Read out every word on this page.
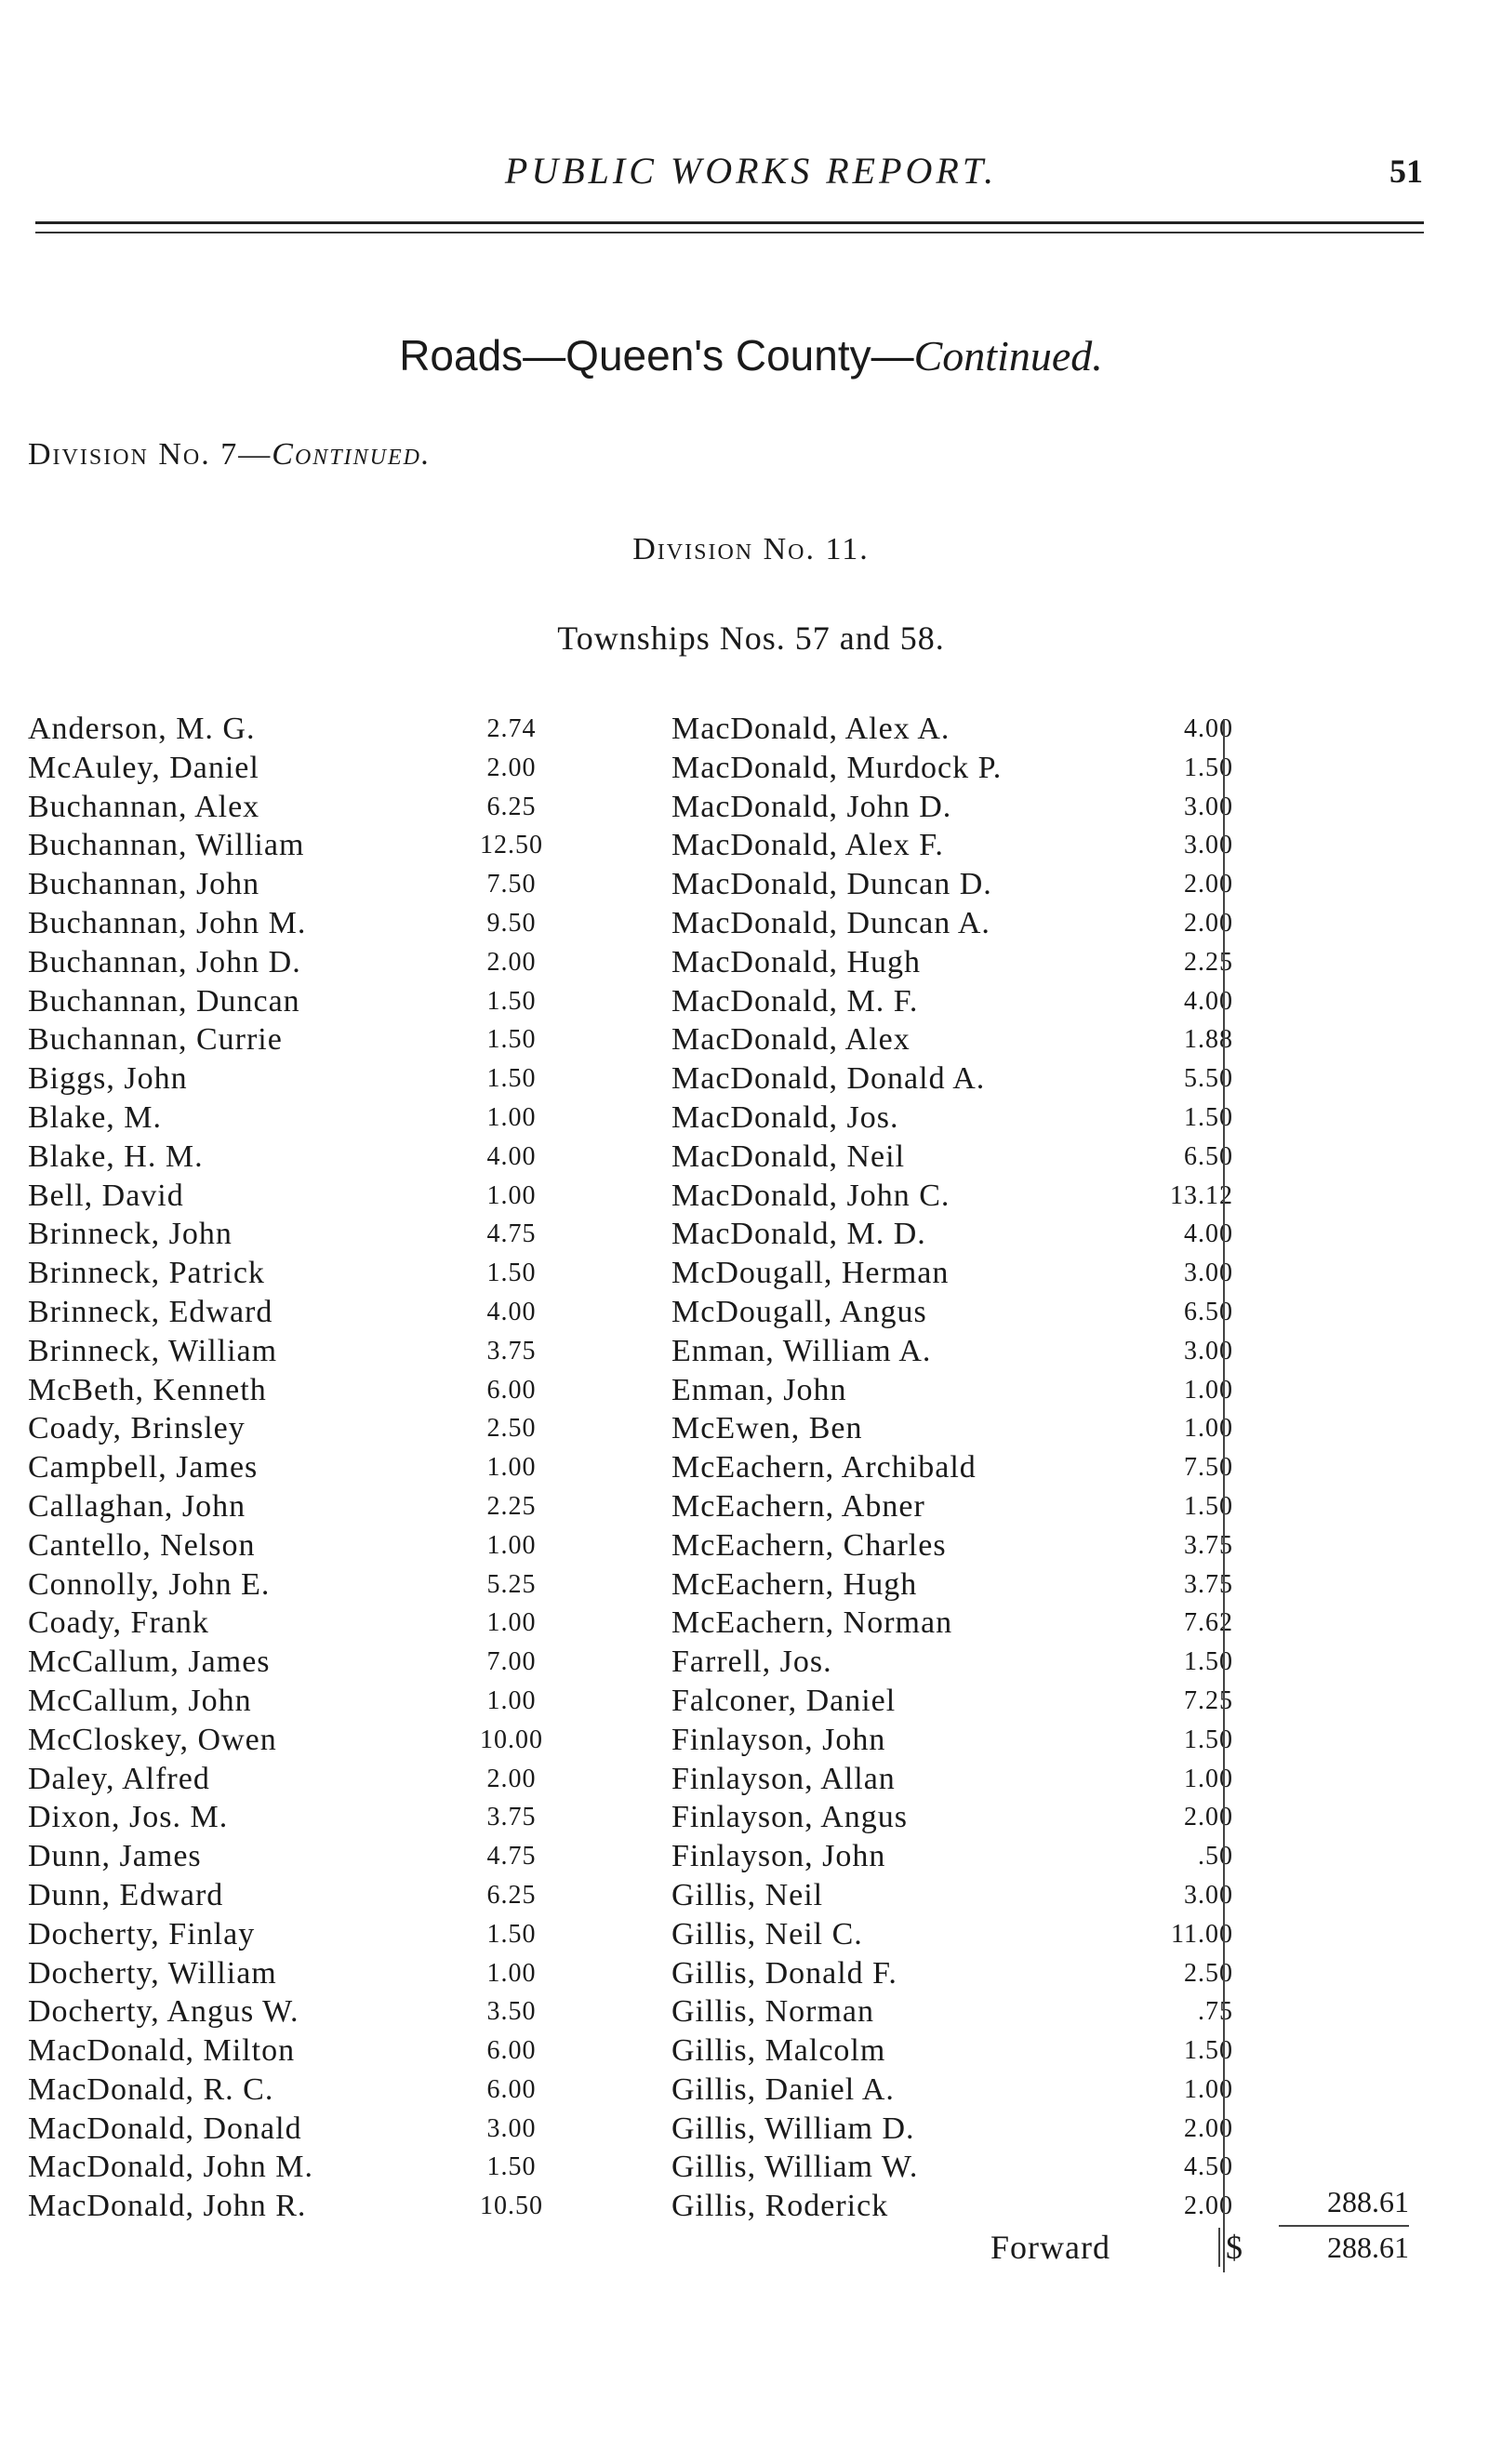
PUBLIC WORKS REPORT.	51
Roads—Queen's County—Continued.
Division No. 7—Continued.
Division No. 11.
Townships Nos. 57 and 58.
Anderson, M. G.	2.74
McAuley, Daniel	2.00
Buchannan, Alex	6.25
Buchannan, William	12.50
Buchannan, John	7.50
Buchannan, John M.	9.50
Buchannan, John D.	2.00
Buchannan, Duncan	1.50
Buchannan, Currie	1.50
Biggs, John	1.50
Blake, M.	1.00
Blake, H. M.	4.00
Bell, David	1.00
Brinneck, John	4.75
Brinneck, Patrick	1.50
Brinneck, Edward	4.00
Brinneck, William	3.75
McBeth, Kenneth	6.00
Coady, Brinsley	2.50
Campbell, James	1.00
Callaghan, John	2.25
Cantello, Nelson	1.00
Connolly, John E.	5.25
Coady, Frank	1.00
McCallum, James	7.00
McCallum, John	1.00
McCloskey, Owen	10.00
Daley, Alfred	2.00
Dixon, Jos. M.	3.75
Dunn, James	4.75
Dunn, Edward	6.25
Docherty, Finlay	1.50
Docherty, William	1.00
Docherty, Angus W.	3.50
MacDonald, Milton	6.00
MacDonald, R. C.	6.00
MacDonald, Donald	3.00
MacDonald, John M.	1.50
MacDonald, John R.	10.50
MacDonald, Alex A.	4.00
MacDonald, Murdock P.	1.50
MacDonald, John D.	3.00
MacDonald, Alex F.	3.00
MacDonald, Duncan D.	2.00
MacDonald, Duncan A.	2.00
MacDonald, Hugh	2.25
MacDonald, M. F.	4.00
MacDonald, Alex	1.88
MacDonald, Donald A.	5.50
MacDonald, Jos.	1.50
MacDonald, Neil	6.50
MacDonald, John C.	13.12
MacDonald, M. D.	4.00
McDougall, Herman	3.00
McDougall, Angus	6.50
Enman, William A.	3.00
Enman, John	1.00
McEwen, Ben	1.00
McEachern, Archibald	7.50
McEachern, Abner	1.50
McEachern, Charles	3.75
McEachern, Hugh	3.75
McEachern, Norman	7.62
Farrell, Jos.	1.50
Falconer, Daniel	7.25
Finlayson, John	1.50
Finlayson, Allan	1.00
Finlayson, Angus	2.00
Finlayson, John	.50
Gillis, Neil	3.00
Gillis, Neil C.	11.00
Gillis, Donald F.	2.50
Gillis, Norman	.75
Gillis, Malcolm	1.50
Gillis, Daniel A.	1.00
Gillis, William D.	2.00
Gillis, William W.	4.50
Gillis, Roderick	2.00	288.61
Forward	$	288.61
